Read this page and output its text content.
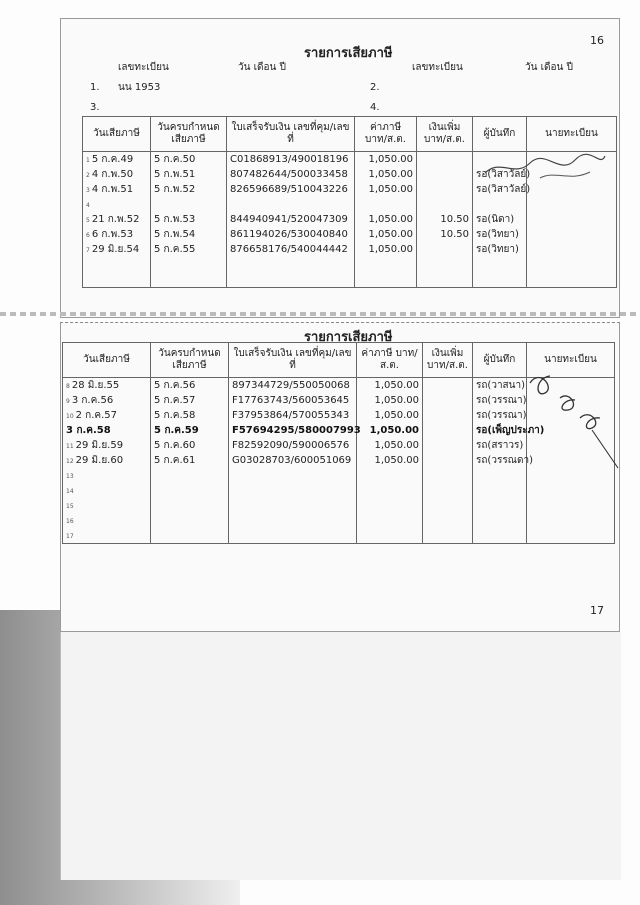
16
รายการเสียภาษี
เลขทะเบียน	วัน เดือน ปี	เลขทะเบียน	วัน เดือน ปี
1. นน 1953	2.
3.	4.
วันเสียภาษี	วันครบกำหนด เสียภาษี	ใบเสร็จรับเงิน เลขที่คุม/เลขที่	ค่าภาษี บาท/ส.ต.	เงินเพิ่ม บาท/ส.ต.	ผู้บันทึก	นายทะเบียน
1 5 ก.ค.49	5 ก.ค.50	C01868913/490018196	1,050.00			
2 4 ก.พ.50	5 ก.พ.51	807482644/500033458	1,050.00		รอ(วิสาวัลย์)	
3 4 ก.พ.51	5 ก.พ.52	826596689/510043226	1,050.00		รอ(วิสาวัลย์)	
4						
5 21 ก.พ.52	5 ก.พ.53	844940941/520047309	1,050.00	10.50	รอ(นิดา)	
6 6 ก.พ.53	5 ก.พ.54	861194026/530040840	1,050.00	10.50	รอ(วิทยา)	
7 29 มิ.ย.54	5 ก.ค.55	876658176/540044442	1,050.00		รอ(วิทยา)	

รายการเสียภาษี
17
วันเสียภาษี	วันครบกำหนด เสียภาษี	ใบเสร็จรับเงิน เลขที่คุม/เลขที่	ค่าภาษี บาท/ส.ต.	เงินเพิ่ม บาท/ส.ต.	ผู้บันทึก	นายทะเบียน
8 28 มิ.ย.55	5 ก.ค.56	897344729/550050068	1,050.00		รถ(วาสนา)	
9 3 ก.ค.56	5 ก.ค.57	F17763743/560053645	1,050.00		รถ(วรรณา)	
10 2 ก.ค.57	5 ก.ค.58	F37953864/570055343	1,050.00		รถ(วรรณา)	
3 ก.ค.58	5 ก.ค.59	F57694295/580007993	1,050.00		รอ(เพ็ญประภา)	
11 29 มิ.ย.59	5 ก.ค.60	F82592090/590006576	1,050.00		รถ(สราวร)	
12 29 มิ.ย.60	5 ก.ค.61	G03028703/600051069	1,050.00		รถ(วรรณดา)	
13						
14						
15						
16						
17						
